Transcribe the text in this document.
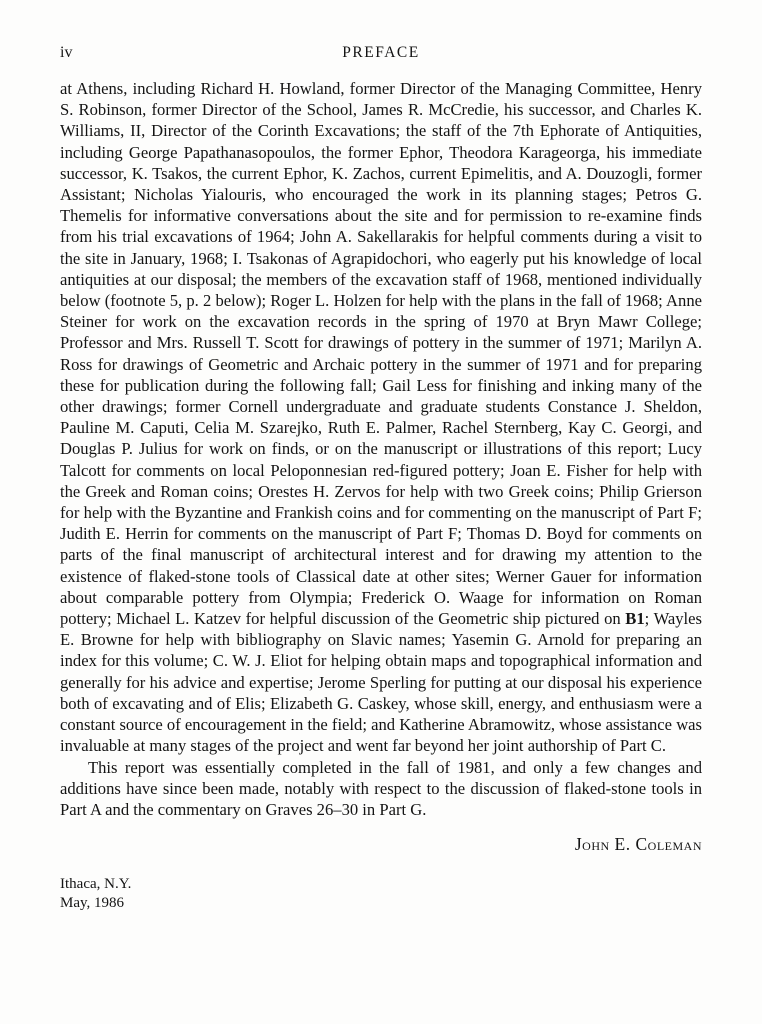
iv	PREFACE

at Athens, including Richard H. Howland, former Director of the Managing Committee, Henry S. Robinson, former Director of the School, James R. McCredie, his successor, and Charles K. Williams, II, Director of the Corinth Excavations; the staff of the 7th Ephorate of Antiquities, including George Papathanasopoulos, the former Ephor, Theodora Karageorga, his immediate successor, K. Tsakos, the current Ephor, K. Zachos, current Epimelitis, and A. Douzogli, former Assistant; Nicholas Yialouris, who encouraged the work in its planning stages; Petros G. Themelis for informative conversations about the site and for permission to re-examine finds from his trial excavations of 1964; John A. Sakellarakis for helpful comments during a visit to the site in January, 1968; I. Tsakonas of Agrapidochori, who eagerly put his knowledge of local antiquities at our disposal; the members of the excavation staff of 1968, mentioned individually below (footnote 5, p. 2 below); Roger L. Holzen for help with the plans in the fall of 1968; Anne Steiner for work on the excavation records in the spring of 1970 at Bryn Mawr College; Professor and Mrs. Russell T. Scott for drawings of pottery in the summer of 1971; Marilyn A. Ross for drawings of Geometric and Archaic pottery in the summer of 1971 and for preparing these for publication during the following fall; Gail Less for finishing and inking many of the other drawings; former Cornell undergraduate and graduate students Constance J. Sheldon, Pauline M. Caputi, Celia M. Szarejko, Ruth E. Palmer, Rachel Sternberg, Kay C. Georgi, and Douglas P. Julius for work on finds, or on the manuscript or illustrations of this report; Lucy Talcott for comments on local Peloponnesian red-figured pottery; Joan E. Fisher for help with the Greek and Roman coins; Orestes H. Zervos for help with two Greek coins; Philip Grierson for help with the Byzantine and Frankish coins and for commenting on the manuscript of Part F; Judith E. Herrin for comments on the manuscript of Part F; Thomas D. Boyd for comments on parts of the final manuscript of architectural interest and for drawing my attention to the existence of flaked-stone tools of Classical date at other sites; Werner Gauer for information about comparable pottery from Olympia; Frederick O. Waage for information on Roman pottery; Michael L. Katzev for helpful discussion of the Geometric ship pictured on B1; Wayles E. Browne for help with bibliography on Slavic names; Yasemin G. Arnold for preparing an index for this volume; C. W. J. Eliot for helping obtain maps and topographical information and generally for his advice and expertise; Jerome Sperling for putting at our disposal his experience both of excavating and of Elis; Elizabeth G. Caskey, whose skill, energy, and enthusiasm were a constant source of encouragement in the field; and Katherine Abramowitz, whose assistance was invaluable at many stages of the project and went far beyond her joint authorship of Part C.

This report was essentially completed in the fall of 1981, and only a few changes and additions have since been made, notably with respect to the discussion of flaked-stone tools in Part A and the commentary on Graves 26–30 in Part G.

John E. Coleman
Ithaca, N.Y.
May, 1986
